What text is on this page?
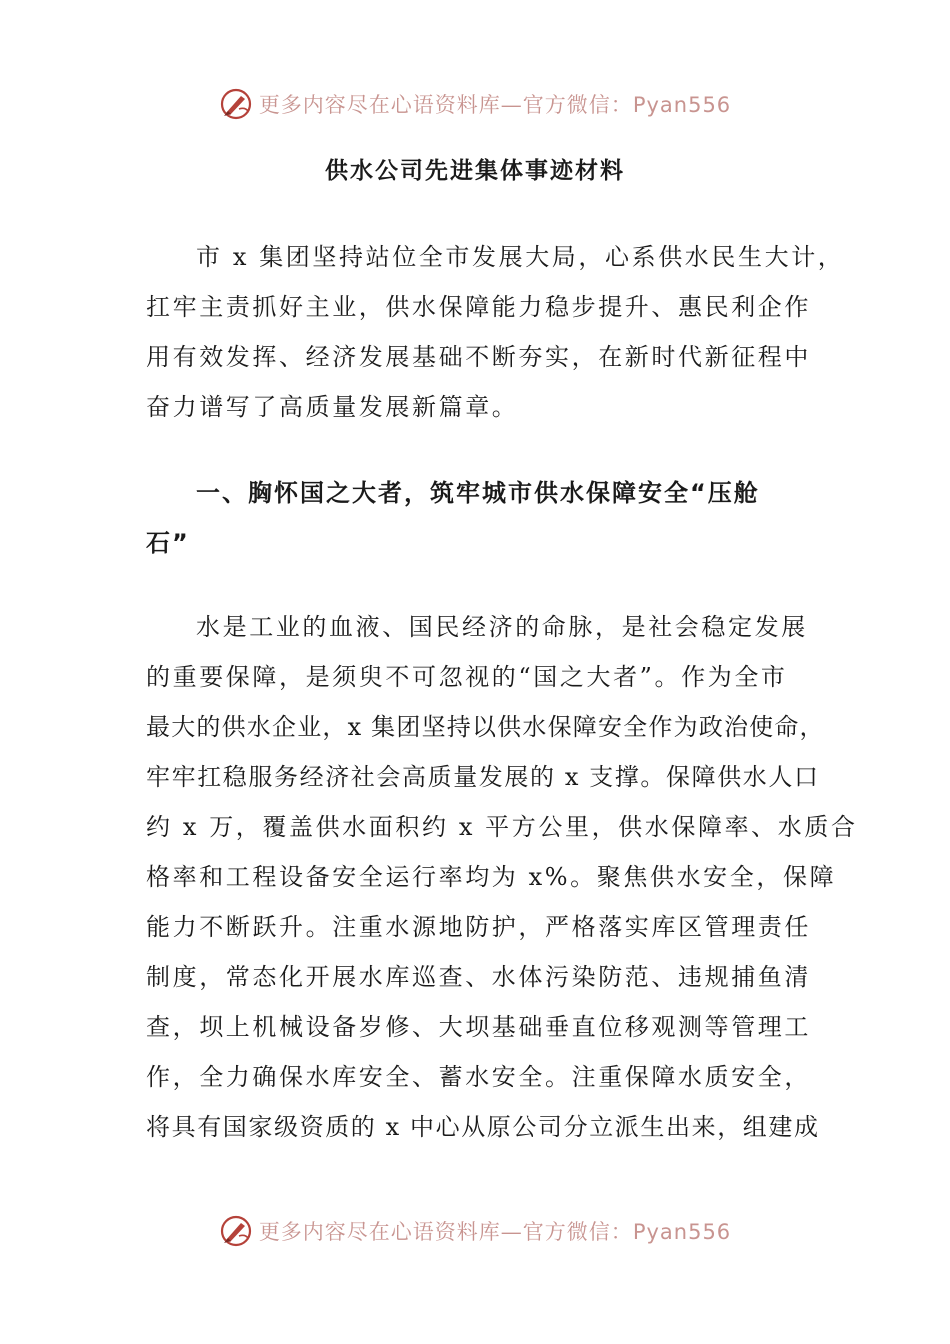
更多内容尽在心语资料库—官方微信：Pyan556
供水公司先进集体事迹材料
市 x 集团坚持站位全市发展大局，心系供水民生大计，
扛牢主责抓好主业，供水保障能力稳步提升、惠民利企作
用有效发挥、经济发展基础不断夯实，在新时代新征程中
奋力谱写了高质量发展新篇章。
一、胸怀国之大者，筑牢城市供水保障安全“压舱
石”
水是工业的血液、国民经济的命脉，是社会稳定发展
的重要保障，是须臾不可忽视的“国之大者”。作为全市
最大的供水企业，x 集团坚持以供水保障安全作为政治使命，
牢牢扛稳服务经济社会高质量发展的 x 支撑。保障供水人口
约 x 万，覆盖供水面积约 x 平方公里，供水保障率、水质合
格率和工程设备安全运行率均为 x%。聚焦供水安全，保障
能力不断跃升。注重水源地防护，严格落实库区管理责任
制度，常态化开展水库巡查、水体污染防范、违规捕鱼清
查，坝上机械设备岁修、大坝基础垂直位移观测等管理工
作，全力确保水库安全、蓄水安全。注重保障水质安全，
将具有国家级资质的 x 中心从原公司分立派生出来，组建成
更多内容尽在心语资料库—官方微信：Pyan556
